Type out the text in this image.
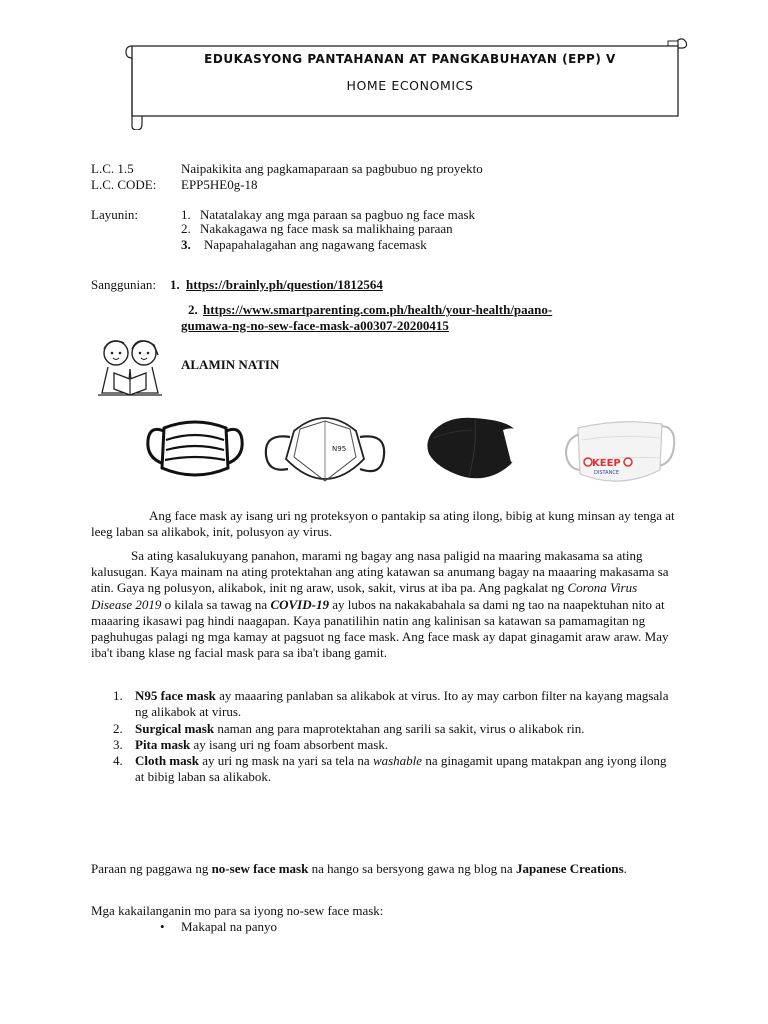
EDUKASYONG PANTAHANAN AT PANGKABUHAYAN (EPP) V
HOME ECONOMICS
L.C. 1.5	Naipakikita ang pagkamaparaan sa pagbubuo ng proyekto
L.C. CODE: EPP5HE0g-18
Layunin:	1. Natatalakay ang mga paraan sa pagbuo ng face mask
2. Nakakagawa ng face mask sa malikhaing paraan
3. Napapahalagahan ang nagawang facemask
Sanggunian: 1. https://brainly.ph/question/1812564
2. https://www.smartparenting.com.ph/health/your-health/paano-
gumawa-ng-no-sew-face-mask-a00307-20200415
ALAMIN NATIN
N95
KEEP
DISTANCE
Ang face mask ay isang uri ng proteksyon o pantakip sa ating ilong, bibig at kung minsan ay tenga at leeg laban sa alikabok, init, polusyon ay virus.
Sa ating kasalukuyang panahon, marami ng bagay ang nasa paligid na maaring makasama sa ating kalusugan. Kaya mainam na ating protektahan ang ating katawan sa anumang bagay na maaaring makasama sa atin. Gaya ng polusyon, alikabok, init ng araw, usok, sakit, virus at iba pa. Ang pagkalat ng Corona Virus Disease 2019 o kilala sa tawag na COVID-19 ay lubos na nakakabahala sa dami ng tao na naapektuhan nito at maaaring ikasawi pag hindi naagapan. Kaya panatilihin natin ang kalinisan sa katawan sa pamamagitan ng paghuhugas palagi ng mga kamay at pagsuot ng face mask. Ang face mask ay dapat ginagamit araw araw. May iba't ibang klase ng facial mask para sa iba't ibang gamit.
1. N95 face mask ay maaaring panlaban sa alikabok at virus. Ito ay may carbon filter na kayang magsala ng alikabok at virus.
2. Surgical mask naman ang para maprotektahan ang sarili sa sakit, virus o alikabok rin.
3. Pita mask ay isang uri ng foam absorbent mask.
4. Cloth mask ay uri ng mask na yari sa tela na washable na ginagamit upang matakpan ang iyong ilong at bibig laban sa alikabok.
Paraan ng paggawa ng no-sew face mask na hango sa bersyong gawa ng blog na Japanese Creations.
Mga kakailanganin mo para sa iyong no-sew face mask:
• Makapal na panyo
